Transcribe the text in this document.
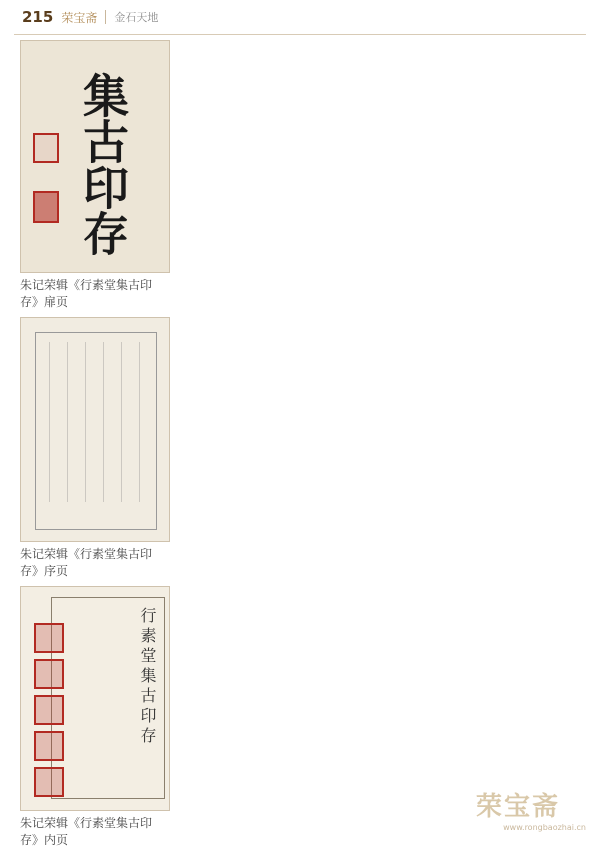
215 荣宝斋 金石天地
集古印存
朱记荣辑《行素堂集古印存》扉页
朱记荣辑《行素堂集古印存》序页
行素堂集古印存
朱记荣辑《行素堂集古印存》内页
荣宝斋
www.rongbaozhai.cn
